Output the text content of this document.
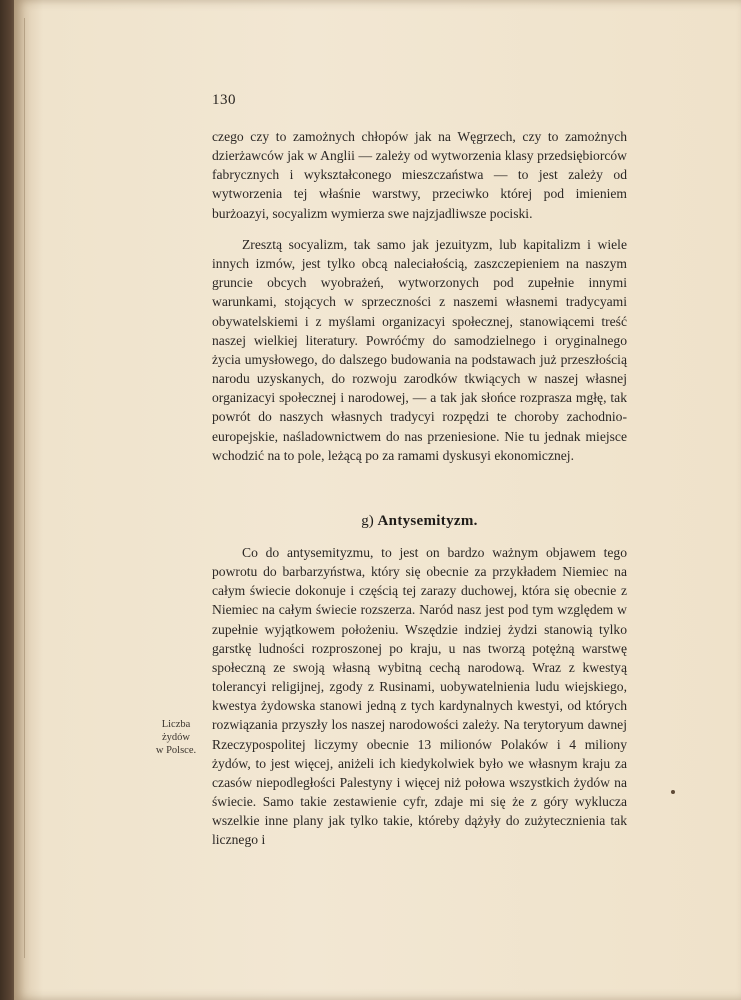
130

czego czy to zamożnych chłopów jak na Węgrzech, czy to zamożnych dzierżawców jak w Anglii — zależy od wytworzenia klasy przedsiębiorców fabrycznych i wykształconego mieszczaństwa — to jest zależy od wytworzenia tej właśnie warstwy, przeciwko której pod imieniem burżoazyi, socyalizm wymierza swe najzjadliwsze pociski.

Zresztą socyalizm, tak samo jak jezuityzm, lub kapitalizm i wiele innych izmów, jest tylko obcą naleciałością, zaszczepieniem na naszym gruncie obcych wyobrażeń, wytworzonych pod zupełnie innymi warunkami, stojących w sprzeczności z naszemi własnemi tradycyami obywatelskiemi i z myślami organizacyi społecznej, stanowiącemi treść naszej wielkiej literatury. Powróćmy do samodzielnego i oryginalnego życia umysłowego, do dalszego budowania na podstawach już przeszłością narodu uzyskanych, do rozwoju zarodków tkwiących w naszej własnej organizacyi społecznej i narodowej, — a tak jak słońce rozprasza mgłę, tak powrót do naszych własnych tradycyi rozpędzi te choroby zachodnio-europejskie, naśladownictwem do nas przeniesione. Nie tu jednak miejsce wchodzić na to pole, leżącą po za ramami dyskusyi ekonomicznej.

g) Antysemityzm.

Co do antysemityzmu, to jest on bardzo ważnym objawem tego powrotu do barbarzyństwa, który się obecnie za przykładem Niemiec na całym świecie dokonuje i częścią tej zarazy duchowej, która się obecnie z Niemiec na całym świecie rozszerza. Naród nasz jest pod tym względem w zupełnie wyjątkowem położeniu. Wszędzie indziej żydzi stanowią tylko garstkę ludności rozproszonej po kraju, u nas tworzą potężną warstwę społeczną ze swoją własną wybitną cechą narodową. Wraz z kwestyą tolerancyi religijnej, zgody z Rusinami, uobywatelnienia ludu wiejskiego, kwestya żydowska stanowi jedną z tych kardynalnych kwestyi, od których rozwiązania przyszły los naszej narodowości zależy. Na terytoryum dawnej Rzeczypospolitej liczymy obecnie 13 milionów Polaków i 4 miliony żydów, to jest więcej, aniżeli ich kiedykolwiek było we własnym kraju za czasów niepodległości Palestyny i więcej niż połowa wszystkich żydów na świecie. Samo takie zestawienie cyfr, zdaje mi się że z góry wyklucza wszelkie inne plany jak tylko takie, któreby dążyły do zużytecznienia tak licznego i

Liczba
żydów
w Polsce.
